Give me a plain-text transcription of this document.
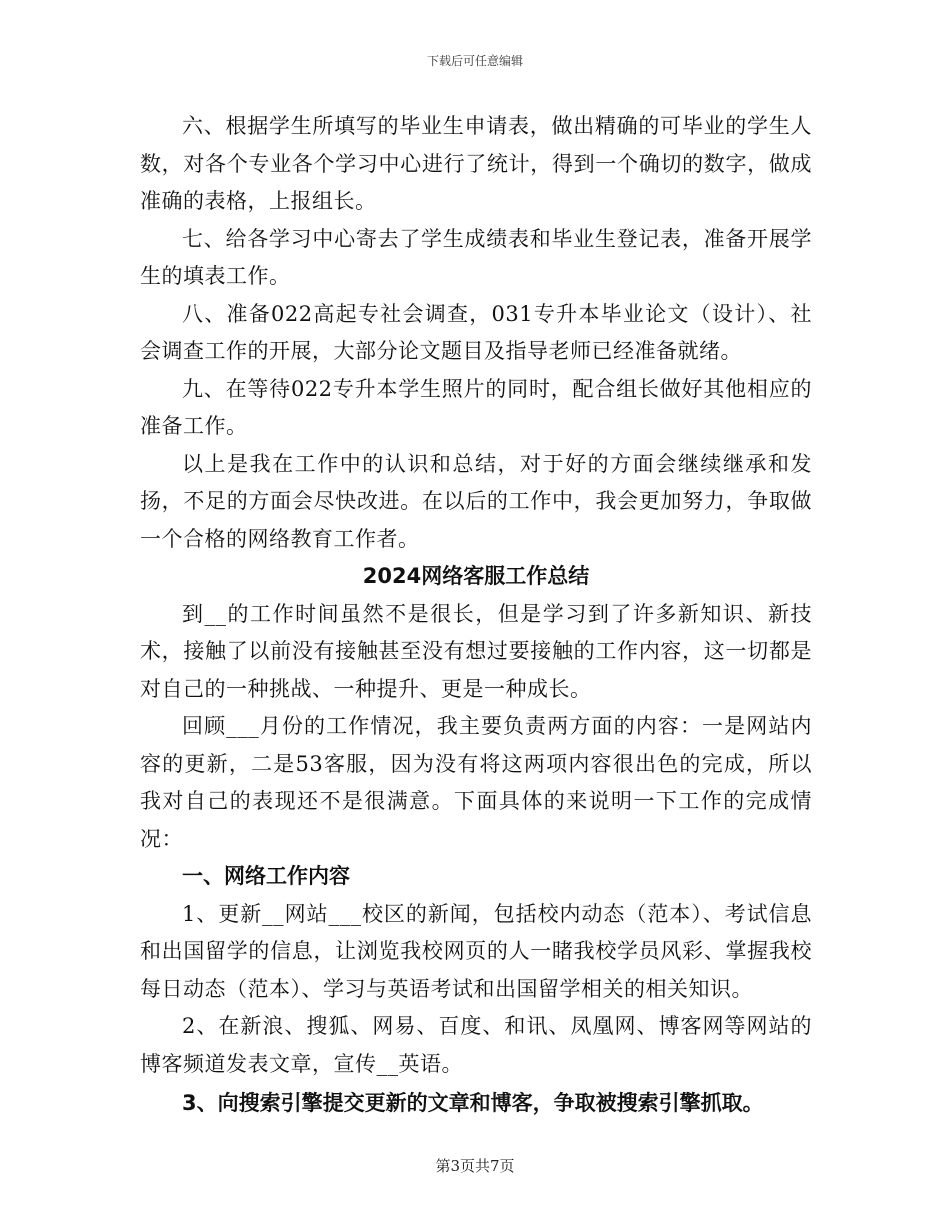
下载后可任意编辑

六、根据学生所填写的毕业生申请表，做出精确的可毕业的学生人数，对各个专业各个学习中心进行了统计，得到一个确切的数字，做成准确的表格，上报组长。

七、给各学习中心寄去了学生成绩表和毕业生登记表，准备开展学生的填表工作。

八、准备022高起专社会调查，031专升本毕业论文（设计）、社会调查工作的开展，大部分论文题目及指导老师已经准备就绪。

九、在等待022专升本学生照片的同时，配合组长做好其他相应的准备工作。

以上是我在工作中的认识和总结，对于好的方面会继续继承和发扬，不足的方面会尽快改进。在以后的工作中，我会更加努力，争取做一个合格的网络教育工作者。

2024网络客服工作总结

到__的工作时间虽然不是很长，但是学习到了许多新知识、新技术，接触了以前没有接触甚至没有想过要接触的工作内容，这一切都是对自己的一种挑战、一种提升、更是一种成长。

回顾___月份的工作情况，我主要负责两方面的内容：一是网站内容的更新，二是53客服，因为没有将这两项内容很出色的完成，所以我对自己的表现还不是很满意。下面具体的来说明一下工作的完成情况：

一、网络工作内容

1、更新__网站___校区的新闻，包括校内动态（范本）、考试信息和出国留学的信息，让浏览我校网页的人一睹我校学员风彩、掌握我校每日动态（范本）、学习与英语考试和出国留学相关的相关知识。

2、在新浪、搜狐、网易、百度、和讯、凤凰网、博客网等网站的博客频道发表文章，宣传__英语。

3、向搜索引擎提交更新的文章和博客，争取被搜索引擎抓取。

第3页共7页
